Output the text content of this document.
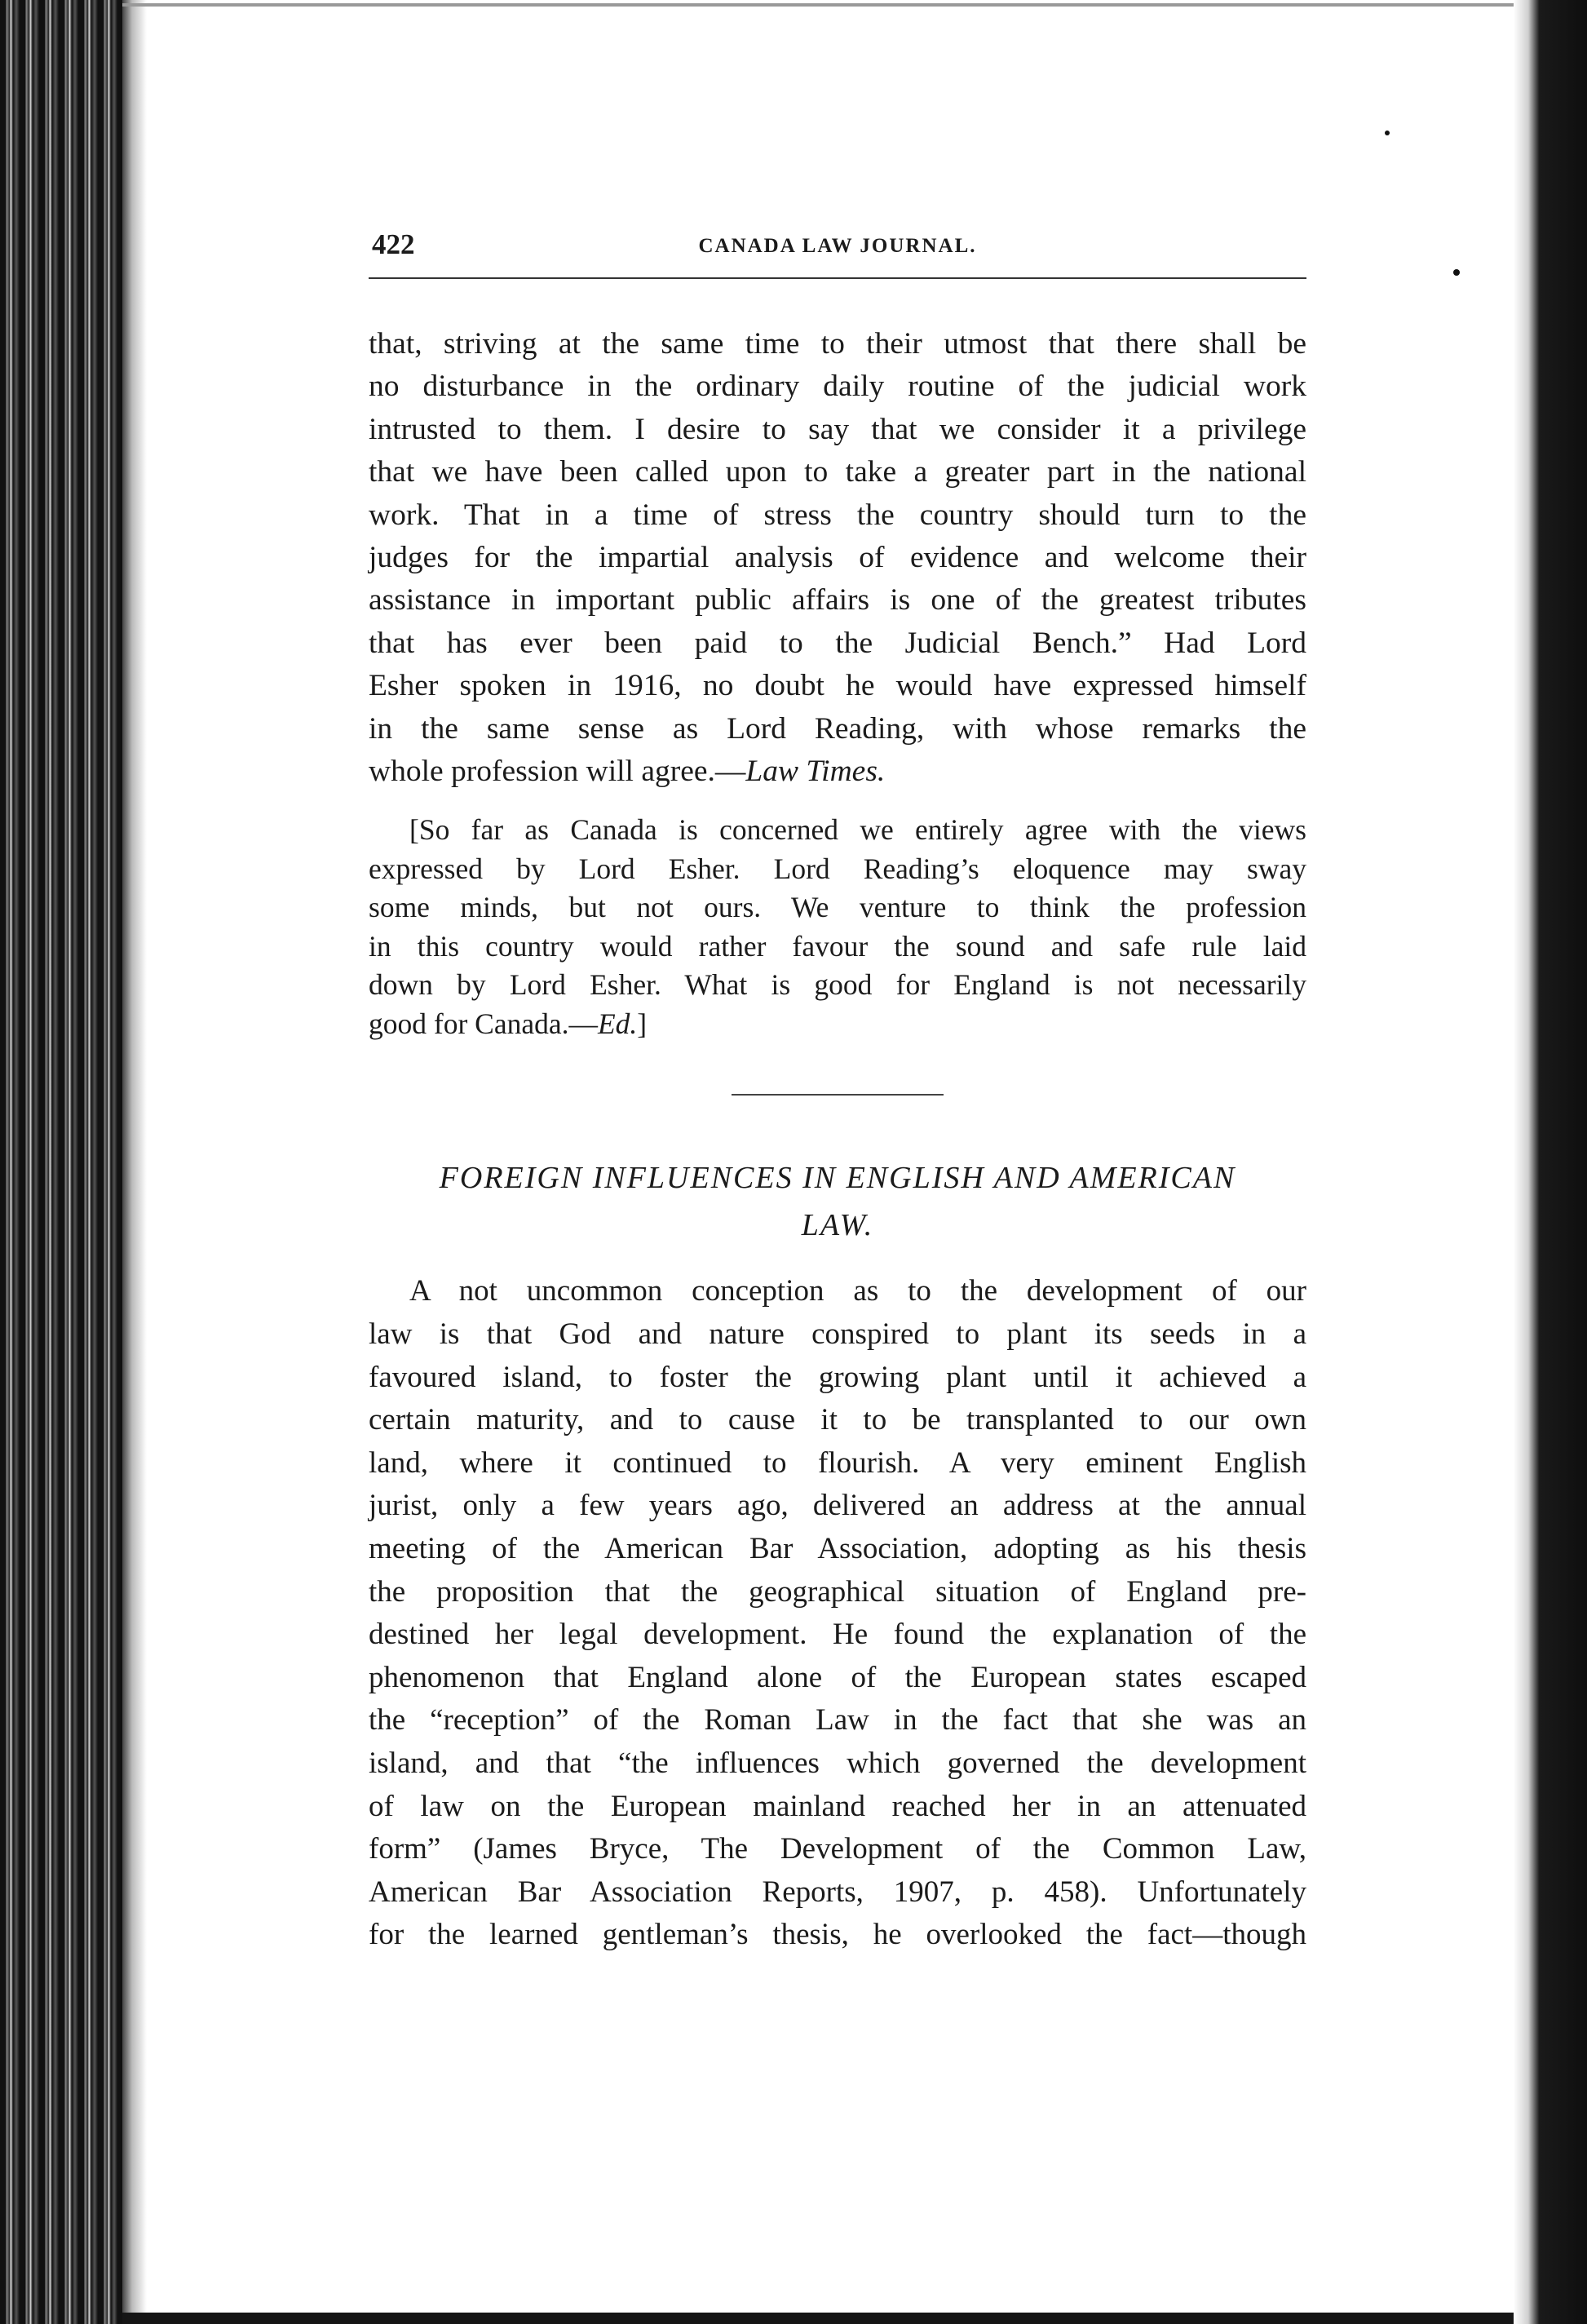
422	CANADA LAW JOURNAL.

that, striving at the same time to their utmost that there shall be

no disturbance in the ordinary daily routine of the judicial work

intrusted to them. I desire to say that we consider it a privilege

that we have been called upon to take a greater part in the national

work. That in a time of stress the country should turn to the

judges for the impartial analysis of evidence and welcome their

assistance in important public affairs is one of the greatest tributes

that has ever been paid to the Judicial Bench.” Had Lord

Esher spoken in 1916, no doubt he would have expressed himself

in the same sense as Lord Reading, with whose remarks the

whole profession will agree.—Law Times.

[So far as Canada is concerned we entirely agree with the views

expressed by Lord Esher. Lord Reading’s eloquence may sway

some minds, but not ours. We venture to think the profession

in this country would rather favour the sound and safe rule laid

down by Lord Esher. What is good for England is not necessarily

good for Canada.—Ed.]

FOREIGN INFLUENCES IN ENGLISH AND AMERICAN
LAW.

A not uncommon conception as to the development of our

law is that God and nature conspired to plant its seeds in a

favoured island, to foster the growing plant until it achieved a

certain maturity, and to cause it to be transplanted to our own

land, where it continued to flourish. A very eminent English

jurist, only a few years ago, delivered an address at the annual

meeting of the American Bar Association, adopting as his thesis

the proposition that the geographical situation of England pre-

destined her legal development. He found the explanation of the

phenomenon that England alone of the European states escaped

the “reception” of the Roman Law in the fact that she was an

island, and that “the influences which governed the development

of law on the European mainland reached her in an attenuated

form” (James Bryce, The Development of the Common Law,

American Bar Association Reports, 1907, p. 458). Unfortunately

for the learned gentleman’s thesis, he overlooked the fact—though
